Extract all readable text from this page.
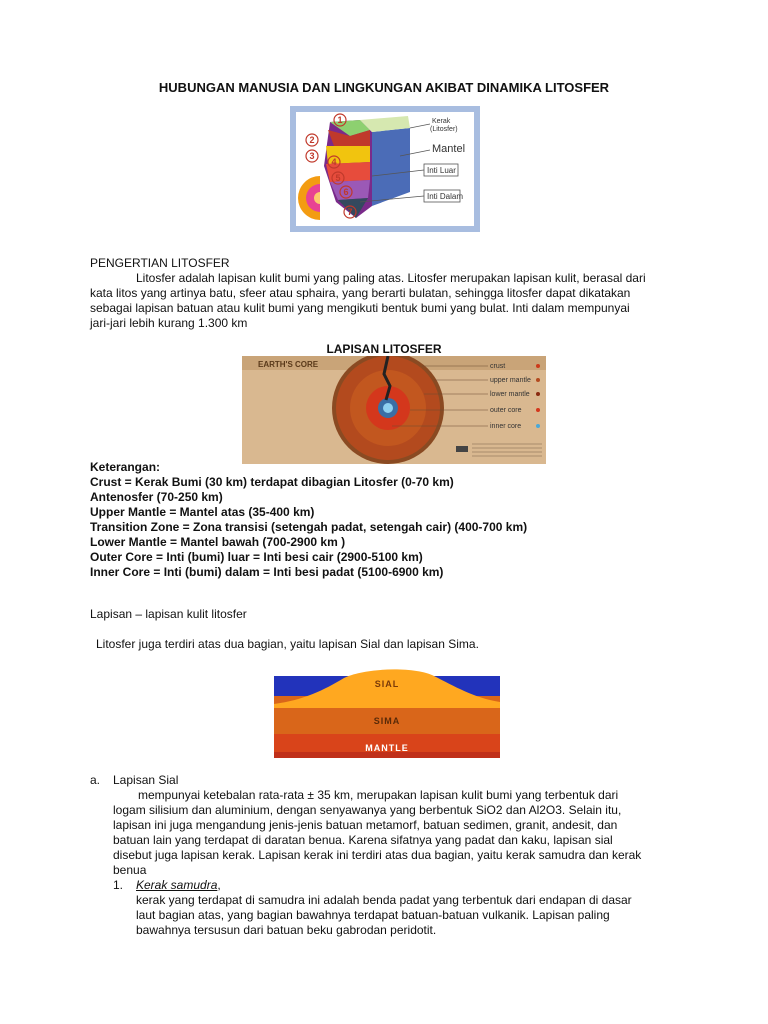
HUBUNGAN MANUSIA DAN LINGKUNGAN AKIBAT DINAMIKA LITOSFER
1
2
3
4
5
6
7
Kerak
(Litosfer)
Mantel
Inti Luar
Inti Dalam
PENGERTIAN LITOSFER
Litosfer adalah lapisan kulit bumi yang paling atas. Litosfer merupakan lapisan kulit, berasal dari
kata litos yang artinya batu, sfeer atau sphaira, yang berarti bulatan, sehingga litosfer dapat dikatakan
sebagai lapisan batuan atau kulit bumi yang mengikuti bentuk bumi yang bulat. Inti dalam mempunyai
jari-jari lebih kurang 1.300 km
LAPISAN LITOSFER
EARTH'S CORE	crust
upper mantle
lower mantle
outer core
inner core
Keterangan:
Crust = Kerak Bumi (30 km) terdapat dibagian Litosfer (0-70 km)
Antenosfer (70-250 km)
Upper Mantle = Mantel atas (35-400 km)
Transition Zone = Zona transisi (setengah padat, setengah cair) (400-700 km)
Lower Mantle = Mantel bawah (700-2900 km )
Outer Core = Inti (bumi) luar = Inti besi cair (2900-5100 km)
Inner Core = Inti (bumi) dalam = Inti besi padat (5100-6900 km)
Lapisan – lapisan kulit litosfer
Litosfer juga terdiri atas dua bagian, yaitu lapisan Sial dan lapisan Sima.
SIAL
SIMA
MANTLE
a. Lapisan Sial
mempunyai ketebalan rata-rata ± 35 km, merupakan lapisan kulit bumi yang terbentuk dari
logam silisium dan aluminium, dengan senyawanya yang berbentuk SiO2 dan Al2O3. Selain itu,
lapisan ini juga mengandung jenis-jenis batuan metamorf, batuan sedimen, granit, andesit, dan
batuan lain yang terdapat di daratan benua. Karena sifatnya yang padat dan kaku, lapisan sial
disebut juga lapisan kerak. Lapisan kerak ini terdiri atas dua bagian, yaitu kerak samudra dan kerak
benua
1. Kerak samudra,
kerak yang terdapat di samudra ini adalah benda padat yang terbentuk dari endapan di dasar
laut bagian atas, yang bagian bawahnya terdapat batuan-batuan vulkanik. Lapisan paling
bawahnya tersusun dari batuan beku gabrodan peridotit.
